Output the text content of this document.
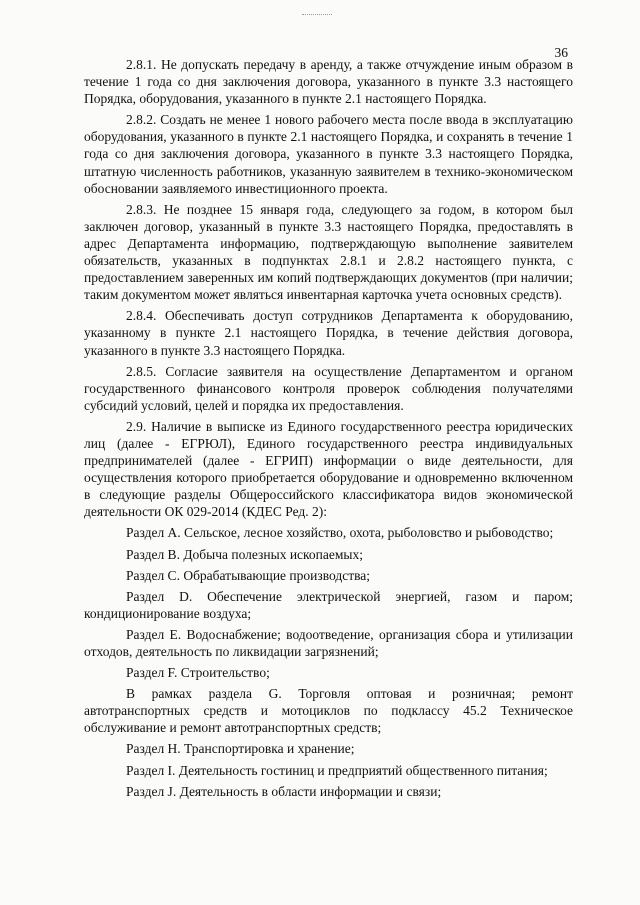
36

2.8.1. Не допускать передачу в аренду, а также отчуждение иным образом в течение 1 года со дня заключения договора, указанного в пункте 3.3 настоящего Порядка, оборудования, указанного в пункте 2.1 настоящего Порядка.

2.8.2. Создать не менее 1 нового рабочего места после ввода в эксплуатацию оборудования, указанного в пункте 2.1 настоящего Порядка, и сохранять в течение 1 года со дня заключения договора, указанного в пункте 3.3 настоящего Порядка, штатную численность работников, указанную заявителем в технико-экономическом обосновании заявляемого инвестиционного проекта.

2.8.3. Не позднее 15 января года, следующего за годом, в котором был заключен договор, указанный в пункте 3.3 настоящего Порядка, предоставлять в адрес Департамента информацию, подтверждающую выполнение заявителем обязательств, указанных в подпунктах 2.8.1 и 2.8.2 настоящего пункта, с предоставлением заверенных им копий подтверждающих документов (при наличии; таким документом может являться инвентарная карточка учета основных средств).

2.8.4. Обеспечивать доступ сотрудников Департамента к оборудованию, указанному в пункте 2.1 настоящего Порядка, в течение действия договора, указанного в пункте 3.3 настоящего Порядка.

2.8.5. Согласие заявителя на осуществление Департаментом и органом государственного финансового контроля проверок соблюдения получателями субсидий условий, целей и порядка их предоставления.

2.9. Наличие в выписке из Единого государственного реестра юридических лиц (далее - ЕГРЮЛ), Единого государственного реестра индивидуальных предпринимателей (далее - ЕГРИП) информации о виде деятельности, для осуществления которого приобретается оборудование и одновременно включенном в следующие разделы Общероссийского классификатора видов экономической деятельности ОК 029-2014 (КДЕС Ред. 2):

Раздел А. Сельское, лесное хозяйство, охота, рыболовство и рыбоводство;

Раздел В. Добыча полезных ископаемых;

Раздел С. Обрабатывающие производства;

Раздел D. Обеспечение электрической энергией, газом и паром; кондиционирование воздуха;

Раздел Е. Водоснабжение; водоотведение, организация сбора и утилизации отходов, деятельность по ликвидации загрязнений;

Раздел F. Строительство;

В рамках раздела G. Торговля оптовая и розничная; ремонт автотранспортных средств и мотоциклов по подклассу 45.2 Техническое обслуживание и ремонт автотранспортных средств;

Раздел Н. Транспортировка и хранение;

Раздел I. Деятельность гостиниц и предприятий общественного питания;

Раздел J. Деятельность в области информации и связи;
